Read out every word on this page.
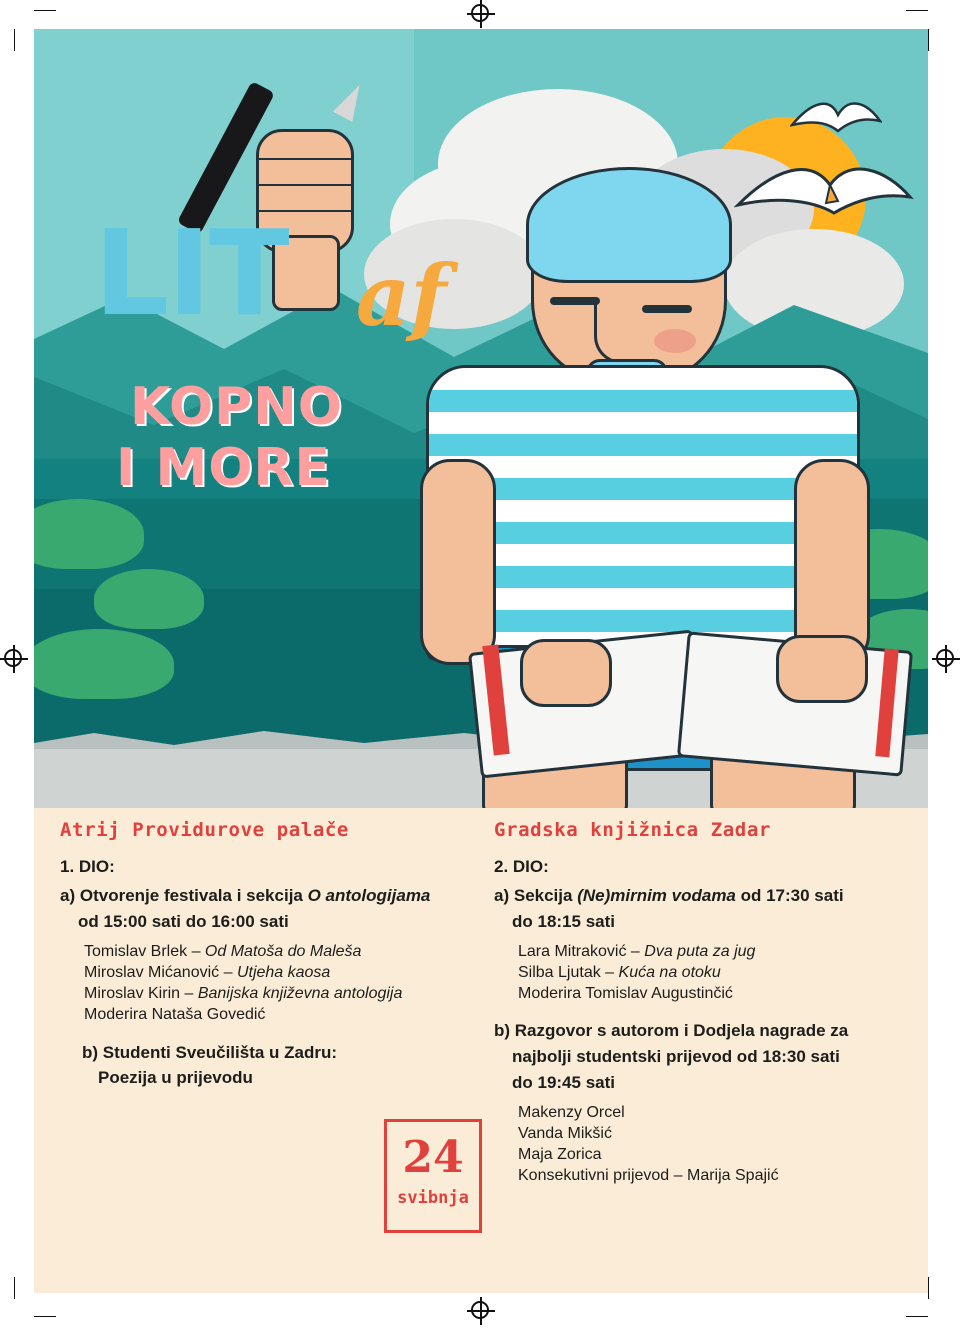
LIT af
KOPNO
I MORE
Atrij Providurove palače
1. DIO:
a) Otvorenje festivala i sekcija O antologijama
od 15:00 sati do 16:00 sati
Tomislav Brlek – Od Matoša do Maleša
Miroslav Mićanović – Utjeha kaosa
Miroslav Kirin – Banijska književna antologija
Moderira Nataša Govedić
b) Studenti Sveučilišta u Zadru:
Poezija u prijevodu
Gradska knjižnica Zadar
2. DIO:
a) Sekcija (Ne)mirnim vodama od 17:30 sati
do 18:15 sati
Lara Mitraković – Dva puta za jug
Silba Ljutak – Kuća na otoku
Moderira Tomislav Augustinčić
b) Razgovor s autorom i Dodjela nagrade za
najbolji studentski prijevod od 18:30 sati
do 19:45 sati
Makenzy Orcel
Vanda Mikšić
Maja Zorica
Konsekutivni prijevod – Marija Spajić
24
svibnja
